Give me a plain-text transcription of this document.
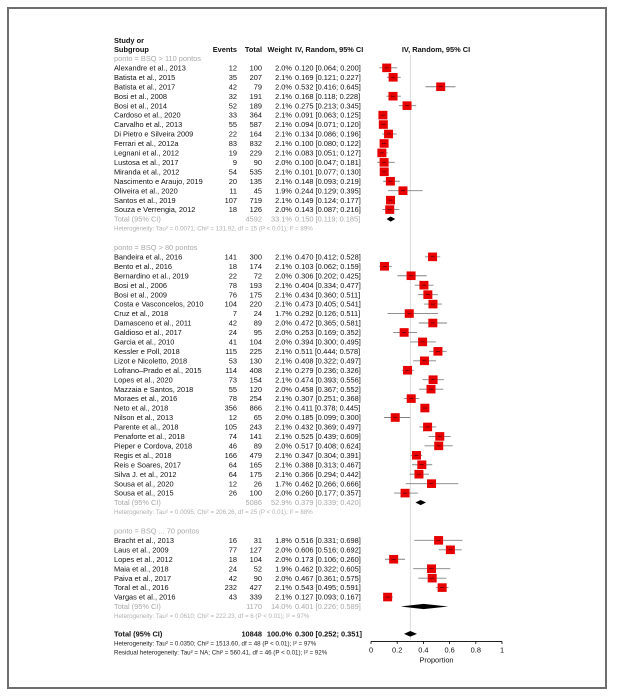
Study or
Subgroup	Events Total Weight IV, Random, 95% CI	IV, Random, 95% CI
ponto = BSQ > 110 pontos
Alexandre et al., 2013	12 100 2.0% 0.120 [0.064; 0.200]
Batista et al., 2015	35 207 2.1% 0.169 [0.121; 0.227]
Batista et al., 2017	42 79 2.0% 0.532 [0.416; 0.645]
Bosi et al., 2008	32 191 2.1% 0.168 [0.118; 0.228]
Bosi et al., 2014	52 189 2.1% 0.275 [0.213; 0.345]
Cardoso et al., 2020	33 364 2.1% 0.091 [0.063; 0.125]
Carvalho et al., 2013	55 587 2.1% 0.094 [0.071; 0.120]
Di Pietro e Silveira 2009	22 164 2.1% 0.134 [0.086; 0.196]
Ferrari et al., 2012a	83 832 2.1% 0.100 [0.080; 0.122]
Legnani et al., 2012	19 229 2.1% 0.083 [0.051; 0.127]
Lustosa et al., 2017	9 90 2.0% 0.100 [0.047; 0.181]
Miranda et al., 2012	54 535 2.1% 0.101 [0.077; 0.130]
Nascimento e Araujo, 2019	20 135 2.1% 0.148 [0.093; 0.219]
Oliveira et al., 2020	11 45 1.9% 0.244 [0.129; 0.395]
Santos et al., 2019	107 719 2.1% 0.149 [0.124; 0.177]
Souza e Verrengia, 2012	18 126 2.0% 0.143 [0.087; 0.216]
Total (95% CI)	4592 33.1% 0.150 [0.119; 0.185]
Heterogeneity: Tau² = 0.0071; Chi² = 131.92, df = 15 (P < 0.01); I² = 89%
ponto = BSQ > 80 pontos
Bandeira et al., 2016	141 300 2.1% 0.470 [0.412; 0.528]
Bento et al., 2016	18 174 2.1% 0.103 [0.062; 0.159]
Bernardino et al., 2019	22 72 2.0% 0.306 [0.202; 0.425]
Bosi et al., 2006	78 193 2.1% 0.404 [0.334; 0.477]
Bosi et al., 2009	76 175 2.1% 0.434 [0.360; 0.511]
Costa e Vasconcelos, 2010	104 220 2.1% 0.473 [0.405; 0.541]
Cruz et al., 2018	7 24 1.7% 0.292 [0.126; 0.511]
Damasceno et al., 2011	42 89 2.0% 0.472 [0.365; 0.581]
Galdioso et al., 2017	24 95 2.0% 0.253 [0.169; 0.352]
Garcia et al., 2010	41 104 2.0% 0.394 [0.300; 0.495]
Kessler e Poll, 2018	115 225 2.1% 0.511 [0.444; 0.578]
Lizot e Nicoletto, 2018	53 130 2.1% 0.408 [0.322; 0.497]
Lofrano–Prado et al., 2015	114 408 2.1% 0.279 [0.236; 0.326]
Lopes et al., 2020	73 154 2.1% 0.474 [0.393; 0.556]
Mazzaia e Santos, 2018	55 120 2.0% 0.458 [0.367; 0.552]
Moraes et al., 2016	78 254 2.1% 0.307 [0.251; 0.368]
Neto et al., 2018	356 866 2.1% 0.411 [0.378; 0.445]
Nilson et al., 2013	12 65 2.0% 0.185 [0.099; 0.300]
Parente et al., 2018	105 243 2.1% 0.432 [0.369; 0.497]
Penaforte et al., 2018	74 141 2.1% 0.525 [0.439; 0.609]
Pieper e Cordova, 2018	46 89 2.0% 0.517 [0.408; 0.624]
Regis et al., 2018	166 479 2.1% 0.347 [0.304; 0.391]
Reis e Soares, 2017	64 165 2.1% 0.388 [0.313; 0.467]
Silva J. et al., 2012	64 175 2.1% 0.366 [0.294; 0.442]
Sousa et al., 2020	12 26 1.7% 0.462 [0.266; 0.666]
Sousa et al., 2015	26 100 2.0% 0.260 [0.177; 0.357]
Total (95% CI)	5086 52.9% 0.379 [0.339; 0.420]
Heterogeneity: Tau² = 0.0095; Chi² = 206.26, df = 25 (P < 0.01); I² = 88%
ponto = BSQ ... 70 pontos
Bracht et al., 2013	16 31 1.8% 0.516 [0.331; 0.698]
Laus et al., 2009	77 127 2.0% 0.606 [0.516; 0.692]
Lopes et al., 2012	18 104 2.0% 0.173 [0.106; 0.260]
Maia et al., 2018	24 52 1.9% 0.462 [0.322; 0.605]
Paiva et al., 2017	42 90 2.0% 0.467 [0.361; 0.575]
Toral et al., 2016	232 427 2.1% 0.543 [0.495; 0.591]
Vargas et al., 2016	43 339 2.1% 0.127 [0.093; 0.167]
Total (95% CI)	1170 14.0% 0.401 [0.226; 0.589]
Heterogeneity: Tau² = 0.0610; Chi² = 222.23, df = 6 (P < 0.01); I² = 97%
Total (95% CI)	10848 100.0% 0.300 [0.252; 0.351]
Heterogeneity: Tau² = 0.0350; Chi² = 1513.60, df = 48 (P < 0.01); I² = 97%
Residual heterogeneity: Tau² = NA; Chi² = 560.41, df = 46 (P < 0.01); I² = 92%	0	0.2 0.4 0.6 0.8	1
Proportion
